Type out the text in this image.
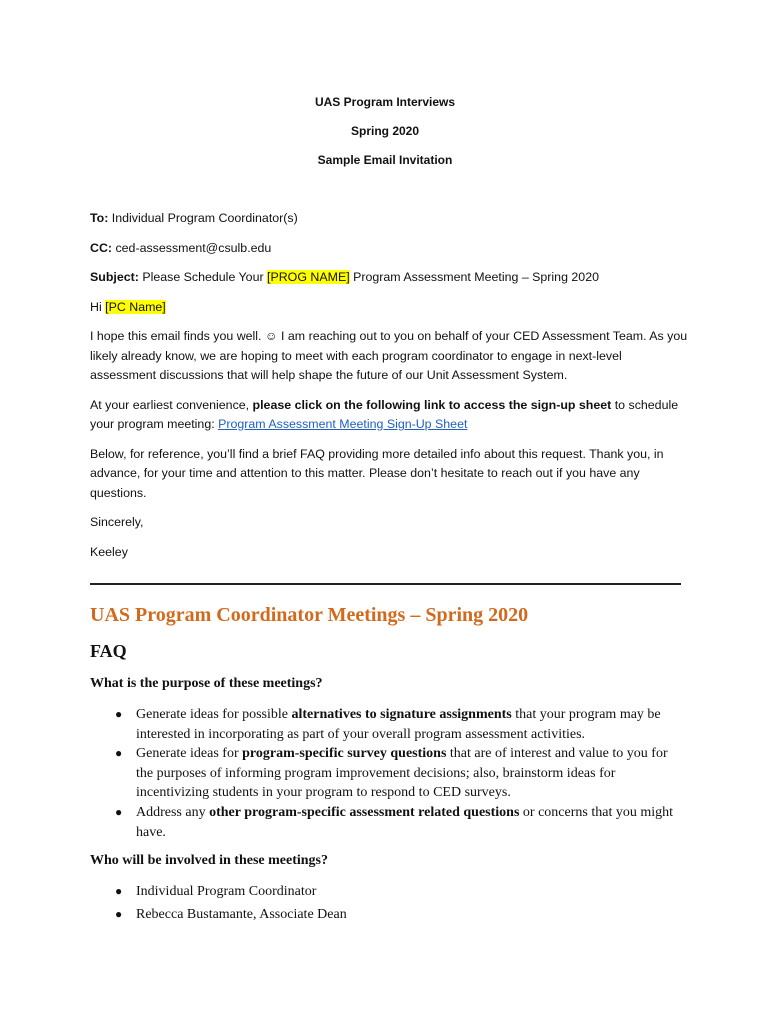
UAS Program Interviews
Spring 2020
Sample Email Invitation

To: Individual Program Coordinator(s)

CC: ced-assessment@csulb.edu

Subject: Please Schedule Your [PROG NAME] Program Assessment Meeting – Spring 2020

Hi [PC Name]

I hope this email finds you well. ☺ I am reaching out to you on behalf of your CED Assessment Team. As you likely already know, we are hoping to meet with each program coordinator to engage in next-level assessment discussions that will help shape the future of our Unit Assessment System.

At your earliest convenience, please click on the following link to access the sign-up sheet to schedule your program meeting: Program Assessment Meeting Sign-Up Sheet

Below, for reference, you’ll find a brief FAQ providing more detailed info about this request. Thank you, in advance, for your time and attention to this matter. Please don’t hesitate to reach out if you have any questions.

Sincerely,

Keeley

UAS Program Coordinator Meetings – Spring 2020
FAQ
What is the purpose of these meetings?
● Generate ideas for possible alternatives to signature assignments that your program may be interested in incorporating as part of your overall program assessment activities.
● Generate ideas for program-specific survey questions that are of interest and value to you for the purposes of informing program improvement decisions; also, brainstorm ideas for incentivizing students in your program to respond to CED surveys.
● Address any other program-specific assessment related questions or concerns that you might have.
Who will be involved in these meetings?
● Individual Program Coordinator
● Rebecca Bustamante, Associate Dean
